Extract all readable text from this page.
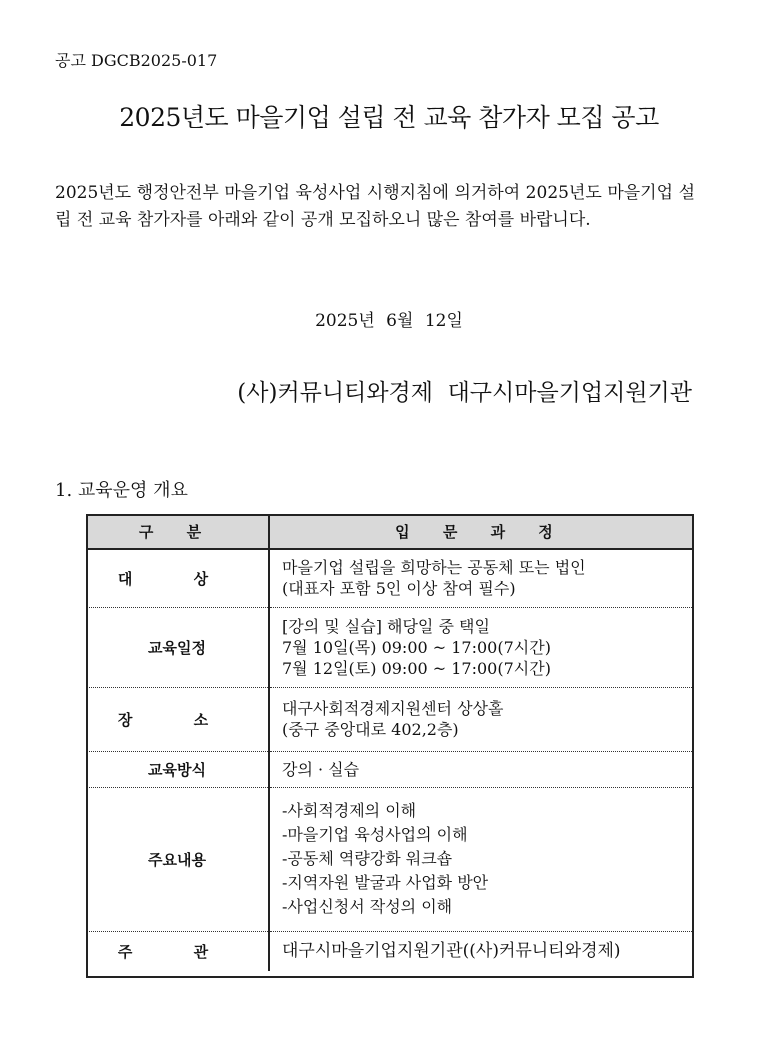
공고 DGCB2025-017
2025년도 마을기업 설립 전 교육 참가자 모집 공고
2025년도 행정안전부 마을기업 육성사업 시행지침에 의거하여 2025년도 마을기업 설립 전 교육 참가자를 아래와 같이 공개 모집하오니 많은 참여를 바랍니다.
2025년 6월 12일
(사)커뮤니티와경제  대구시마을기업지원기관
1. 교육운영 개요
구 분	입 문 과 정
대 상	마을기업 설립을 희망하는 공동체 또는 법인
(대표자 포함 5인 이상 참여 필수)

교육일정	[강의 및 실습] 해당일 중 택일
7월 10일(목) 09:00 ~ 17:00(7시간)
7월 12일(토) 09:00 ~ 17:00(7시간)

장 소	대구사회적경제지원센터 상상홀
(중구 중앙대로 402,2층)

교육방식	강의 · 실습

주요내용	-사회적경제의 이해
-마을기업 육성사업의 이해
-공동체 역량강화 워크숍
-지역자원 발굴과 사업화 방안
-사업신청서 작성의 이해

주 관	대구시마을기업지원기관((사)커뮤니티와경제)
